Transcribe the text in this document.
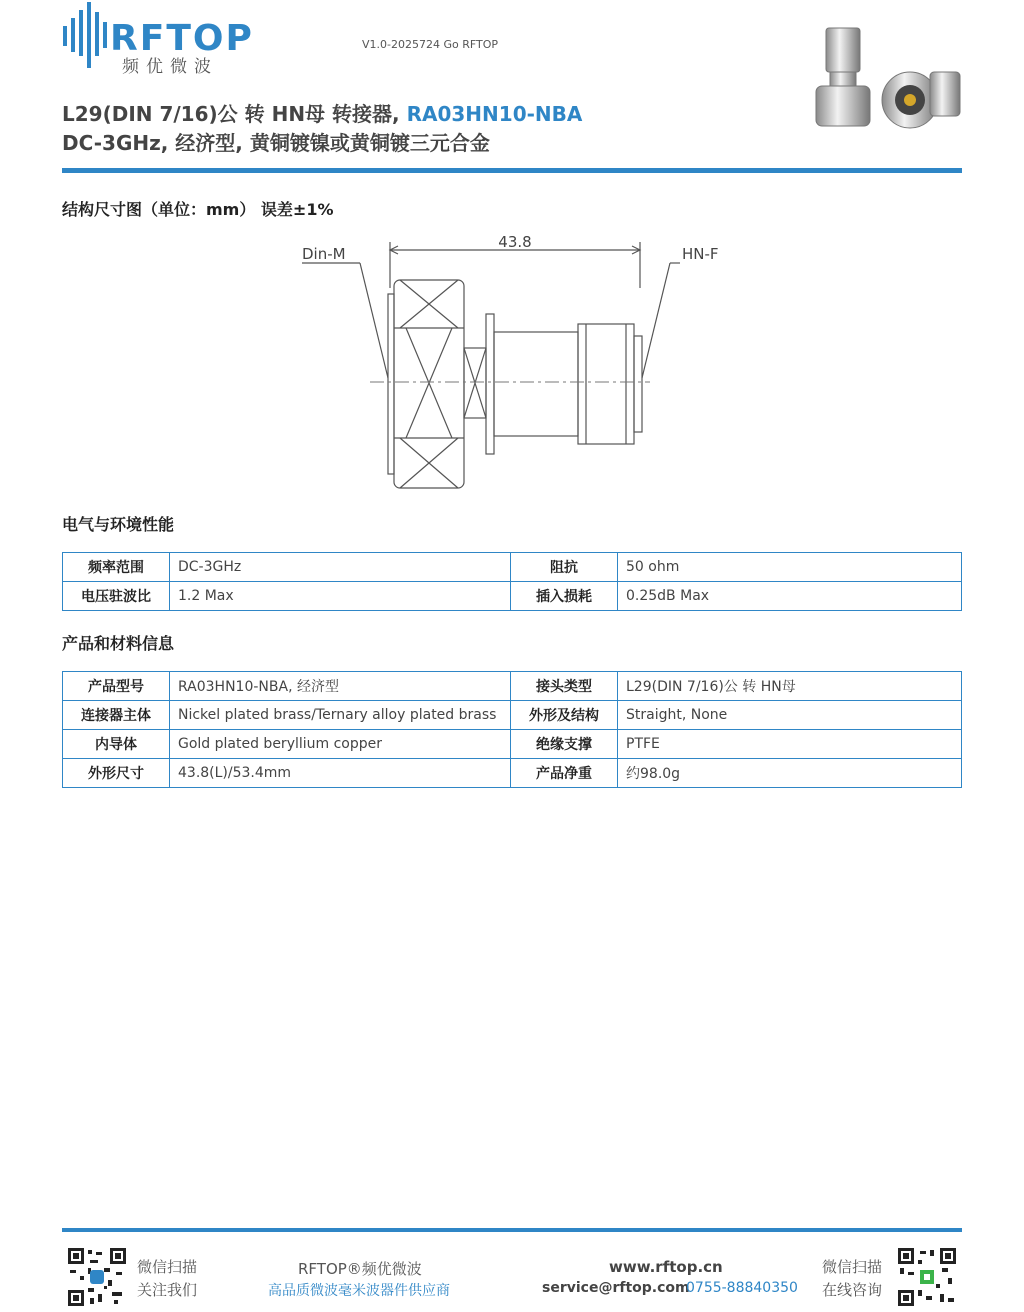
RFTOP
频优微波
V1.0-2025724 Go RFTOP
L29(DIN 7/16)公 转 HN母 转接器, RA03HN10-NBA
DC-3GHz, 经济型, 黄铜镀镍或黄铜镀三元合金
结构尺寸图（单位：mm） 误差±1%
43.8
Din-M	HN-F
电气与环境性能
频率范围	DC-3GHz	阻抗	50 ohm
电压驻波比	1.2 Max	插入损耗	0.25dB Max
产品和材料信息
产品型号	RA03HN10-NBA, 经济型	接头类型	L29(DIN 7/16)公 转 HN母
连接器主体	Nickel plated brass/Ternary alloy plated brass	外形及结构	Straight, None
内导体	Gold plated beryllium copper	绝缘支撑	PTFE
外形尺寸	43.8(L)/53.4mm	产品净重	约98.0g
微信扫描
关注我们
RFTOP®频优微波
高品质微波毫米波器件供应商
www.rftop.cn
service@rftop.com
0755-88840350
微信扫描
在线咨询
